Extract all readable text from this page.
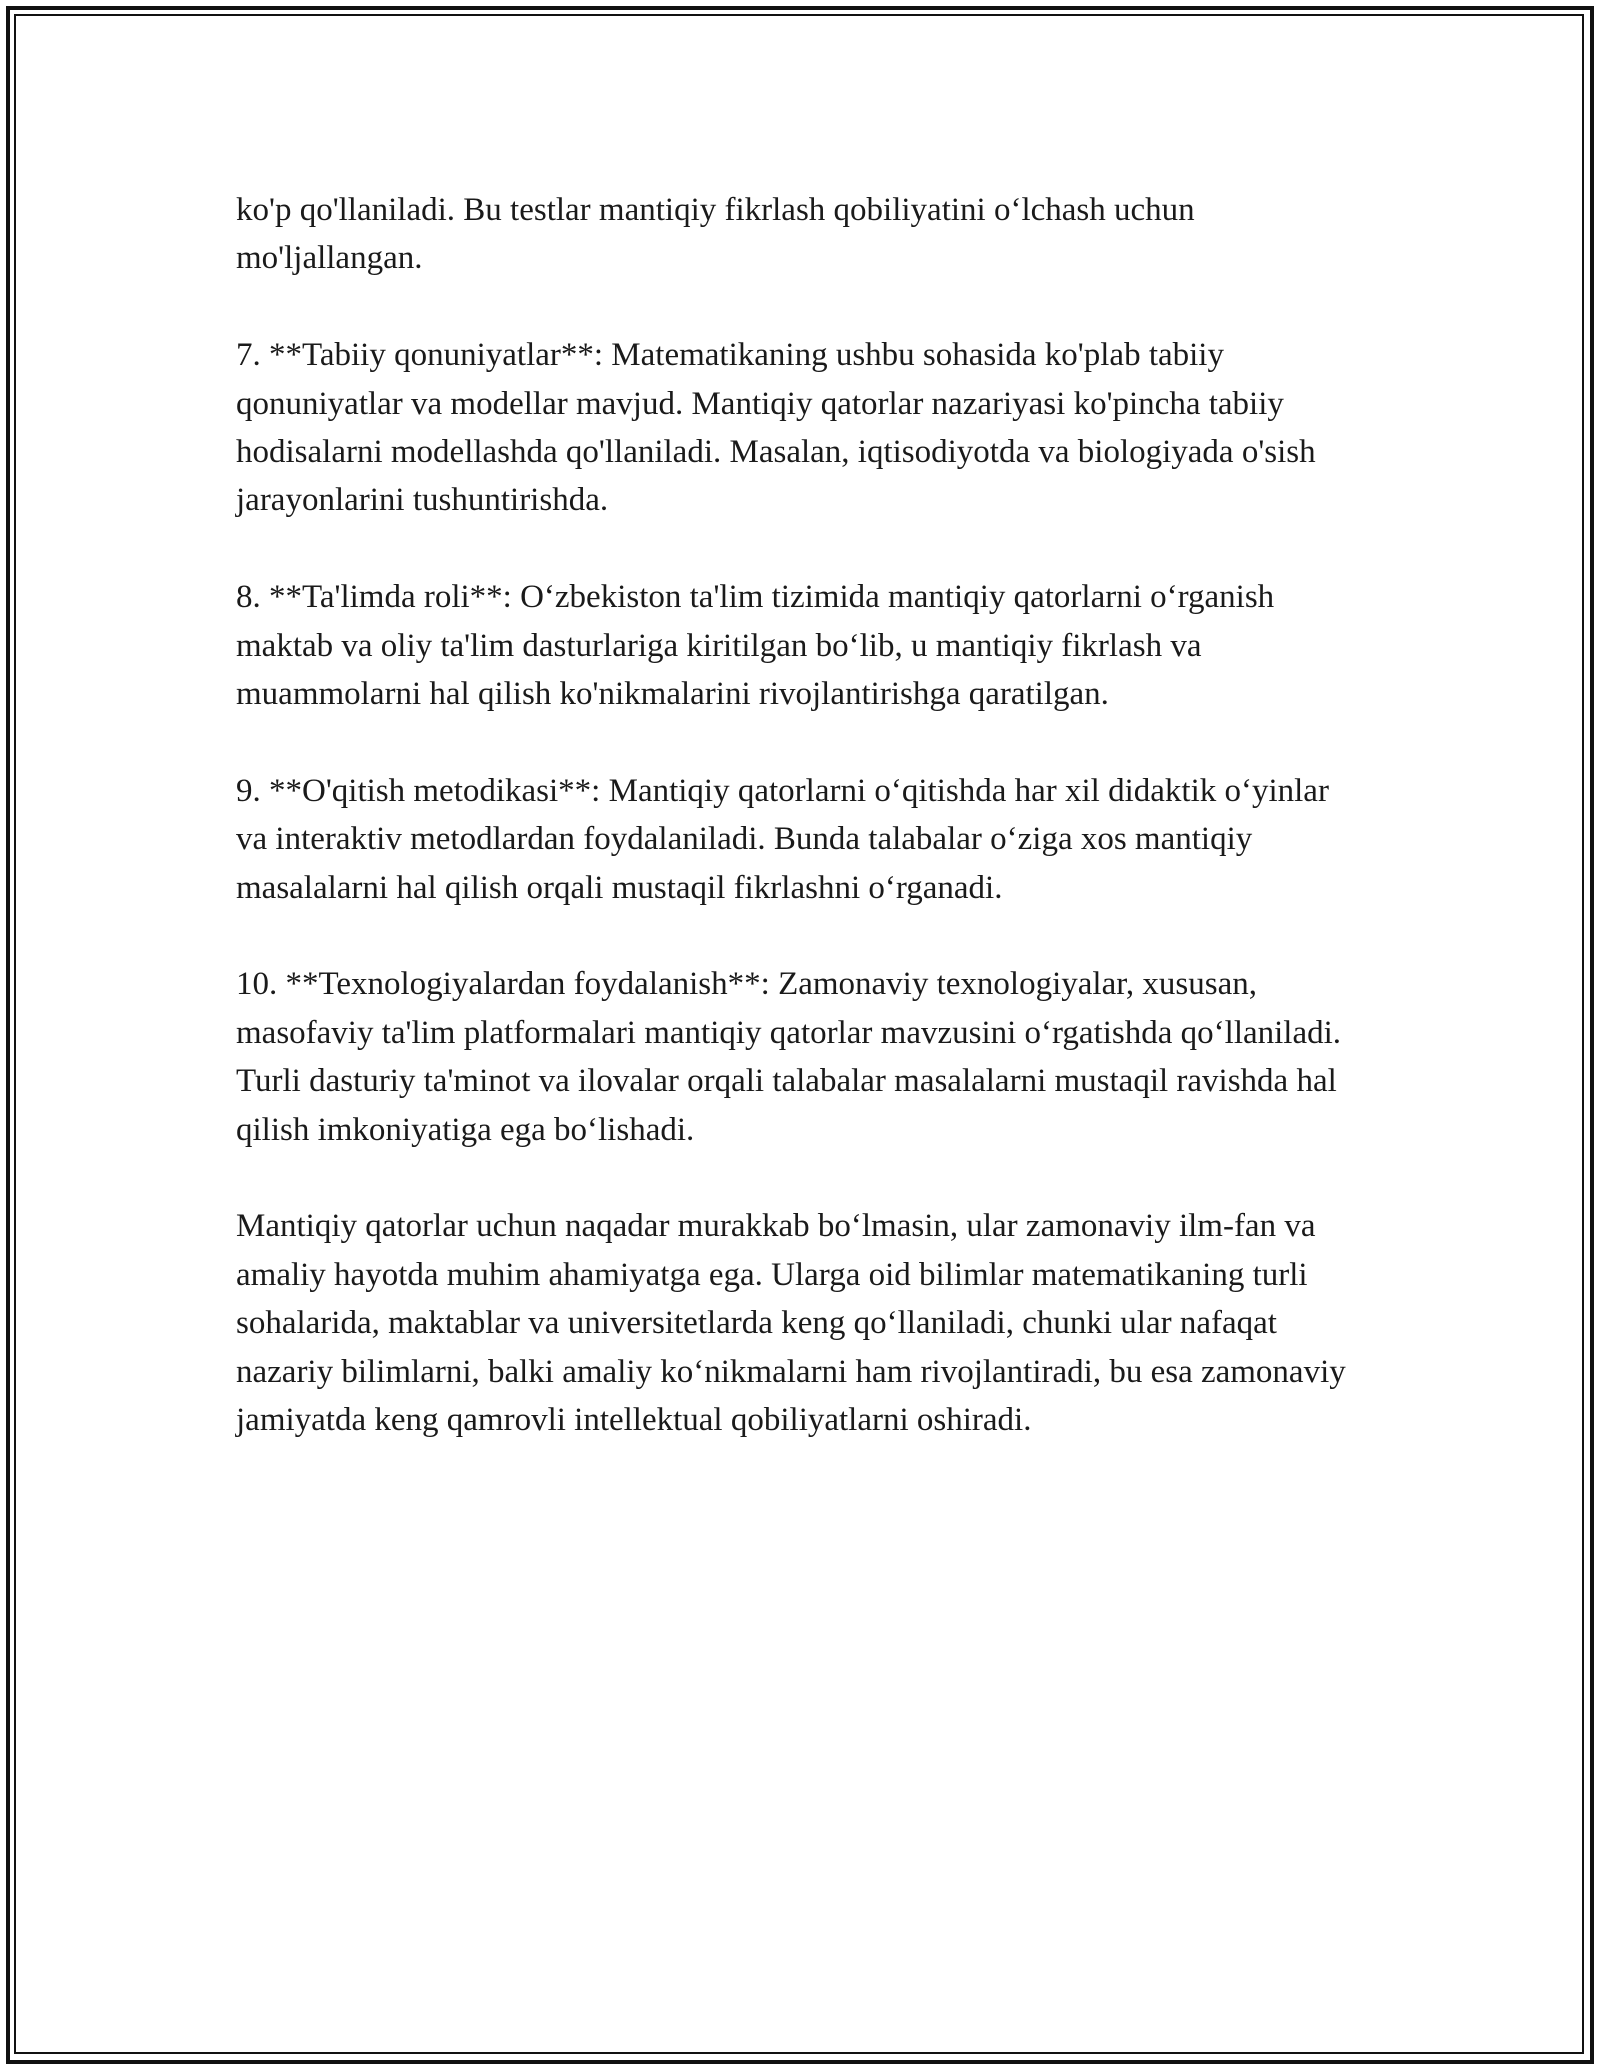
ko'p qo'llaniladi. Bu testlar mantiqiy fikrlash qobiliyatini o‘lchash uchun mo'ljallangan.

7. **Tabiiy qonuniyatlar**: Matematikaning ushbu sohasida ko'plab tabiiy qonuniyatlar va modellar mavjud. Mantiqiy qatorlar nazariyasi ko'pincha tabiiy hodisalarni modellashda qo'llaniladi. Masalan, iqtisodiyotda va biologiyada o'sish jarayonlarini tushuntirishda.

8. **Ta'limda roli**: O‘zbekiston ta'lim tizimida mantiqiy qatorlarni o‘rganish maktab va oliy ta'lim dasturlariga kiritilgan bo‘lib, u mantiqiy fikrlash va muammolarni hal qilish ko'nikmalarini rivojlantirishga qaratilgan.

9. **O'qitish metodikasi**: Mantiqiy qatorlarni o‘qitishda har xil didaktik o‘yinlar va interaktiv metodlardan foydalaniladi. Bunda talabalar o‘ziga xos mantiqiy masalalarni hal qilish orqali mustaqil fikrlashni o‘rganadi.

10. **Texnologiyalardan foydalanish**: Zamonaviy texnologiyalar, xususan, masofaviy ta'lim platformalari mantiqiy qatorlar mavzusini o‘rgatishda qo‘llaniladi. Turli dasturiy ta'minot va ilovalar orqali talabalar masalalarni mustaqil ravishda hal qilish imkoniyatiga ega bo‘lishadi.

Mantiqiy qatorlar uchun naqadar murakkab bo‘lmasin, ular zamonaviy ilm-fan va amaliy hayotda muhim ahamiyatga ega. Ularga oid bilimlar matematikaning turli sohalarida, maktablar va universitetlarda keng qo‘llaniladi, chunki ular nafaqat nazariy bilimlarni, balki amaliy ko‘nikmalarni ham rivojlantiradi, bu esa zamonaviy jamiyatda keng qamrovli intellektual qobiliyatlarni oshiradi.
